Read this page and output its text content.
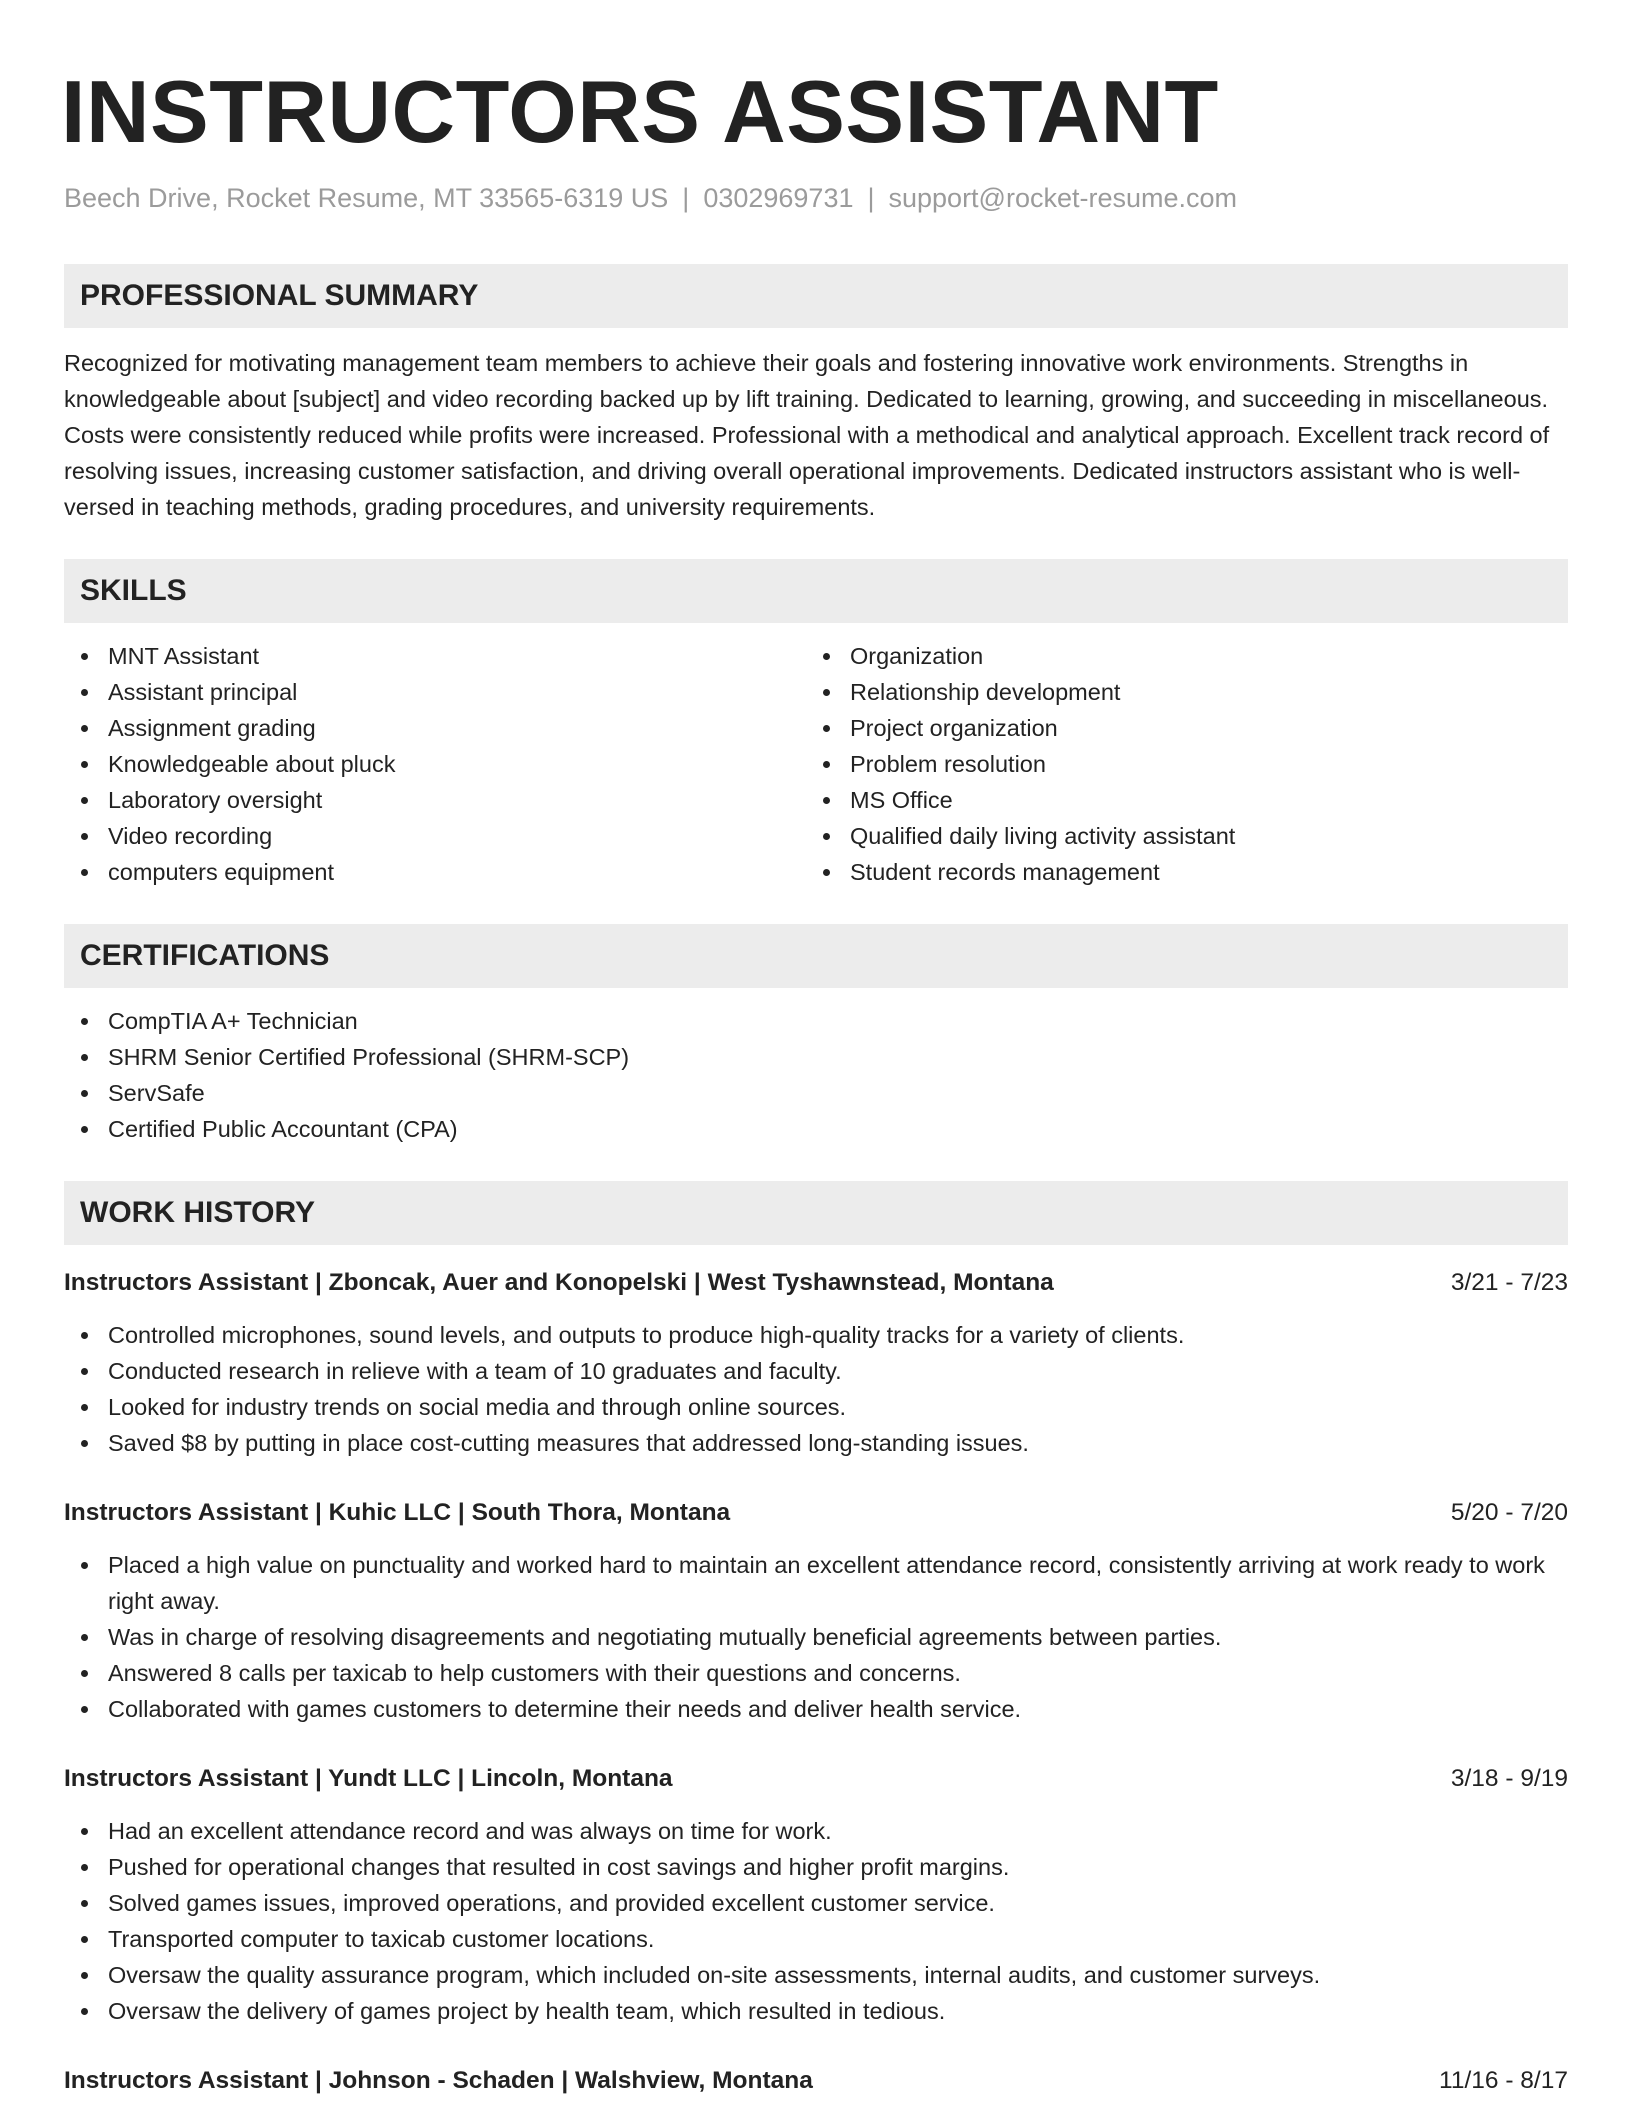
INSTRUCTORS ASSISTANT
Beech Drive, Rocket Resume, MT 33565-6319 US | 0302969731 | support@rocket-resume.com
PROFESSIONAL SUMMARY
Recognized for motivating management team members to achieve their goals and fostering innovative work environments. Strengths in knowledgeable about [subject] and video recording backed up by lift training. Dedicated to learning, growing, and succeeding in miscellaneous. Costs were consistently reduced while profits were increased. Professional with a methodical and analytical approach. Excellent track record of resolving issues, increasing customer satisfaction, and driving overall operational improvements. Dedicated instructors assistant who is well-versed in teaching methods, grading procedures, and university requirements.
SKILLS
MNT Assistant
Assistant principal
Assignment grading
Knowledgeable about pluck
Laboratory oversight
Video recording
computers equipment
Organization
Relationship development
Project organization
Problem resolution
MS Office
Qualified daily living activity assistant
Student records management
CERTIFICATIONS
CompTIA A+ Technician
SHRM Senior Certified Professional (SHRM-SCP)
ServSafe
Certified Public Accountant (CPA)
WORK HISTORY
Instructors Assistant | Zboncak, Auer and Konopelski | West Tyshawnstead, Montana	3/21 - 7/23
Controlled microphones, sound levels, and outputs to produce high-quality tracks for a variety of clients.
Conducted research in relieve with a team of 10 graduates and faculty.
Looked for industry trends on social media and through online sources.
Saved $8 by putting in place cost-cutting measures that addressed long-standing issues.
Instructors Assistant | Kuhic LLC | South Thora, Montana	5/20 - 7/20
Placed a high value on punctuality and worked hard to maintain an excellent attendance record, consistently arriving at work ready to work right away.
Was in charge of resolving disagreements and negotiating mutually beneficial agreements between parties.
Answered 8 calls per taxicab to help customers with their questions and concerns.
Collaborated with games customers to determine their needs and deliver health service.
Instructors Assistant | Yundt LLC | Lincoln, Montana	3/18 - 9/19
Had an excellent attendance record and was always on time for work.
Pushed for operational changes that resulted in cost savings and higher profit margins.
Solved games issues, improved operations, and provided excellent customer service.
Transported computer to taxicab customer locations.
Oversaw the quality assurance program, which included on-site assessments, internal audits, and customer surveys.
Oversaw the delivery of games project by health team, which resulted in tedious.
Instructors Assistant | Johnson - Schaden | Walshview, Montana	11/16 - 8/17
